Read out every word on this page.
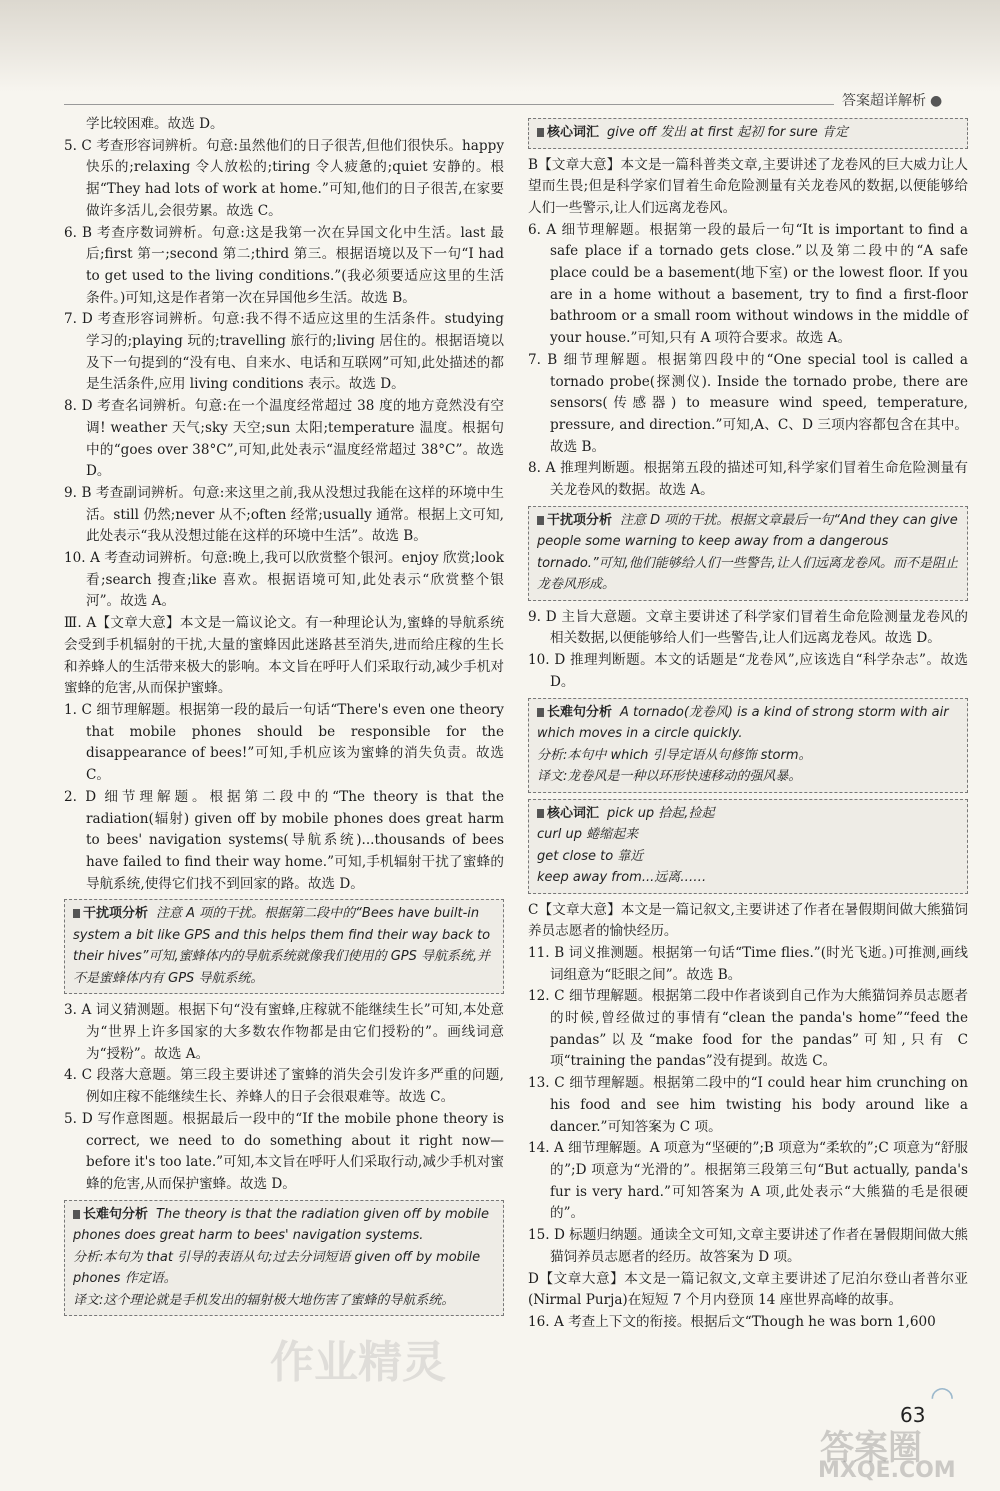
答案超详解析 ●
学比较困难。故选 D。
5. C 考查形容词辨析。句意:虽然他们的日子很苦,但他们很快乐。happy 快乐的;relaxing 令人放松的;tiring 令人疲惫的;quiet 安静的。根据“They had lots of work at home.”可知,他们的日子很苦,在家要做许多活儿,会很劳累。故选 C。
6. B 考查序数词辨析。句意:这是我第一次在异国文化中生活。last 最后;first 第一;second 第二;third 第三。根据语境以及下一句“I had to get used to the living conditions.”(我必须要适应这里的生活条件。)可知,这是作者第一次在异国他乡生活。故选 B。
7. D 考查形容词辨析。句意:我不得不适应这里的生活条件。studying 学习的;playing 玩的;travelling 旅行的;living 居住的。根据语境以及下一句提到的“没有电、自来水、电话和互联网”可知,此处描述的都是生活条件,应用 living conditions 表示。故选 D。
8. D 考查名词辨析。句意:在一个温度经常超过 38 度的地方竟然没有空调! weather 天气;sky 天空;sun 太阳;temperature 温度。根据句中的“goes over 38°C”,可知,此处表示“温度经常超过 38°C”。故选 D。
9. B 考查副词辨析。句意:来这里之前,我从没想过我能在这样的环境中生活。still 仍然;never 从不;often 经常;usually 通常。根据上文可知,此处表示“我从没想过能在这样的环境中生活”。故选 B。
10. A 考查动词辨析。句意:晚上,我可以欣赏整个银河。enjoy 欣赏;look 看;search 搜查;like 喜欢。根据语境可知,此处表示“欣赏整个银河”。故选 A。
Ⅲ. A【文章大意】本文是一篇议论文。有一种理论认为,蜜蜂的导航系统会受到手机辐射的干扰,大量的蜜蜂因此迷路甚至消失,进而给庄稼的生长和养蜂人的生活带来极大的影响。本文旨在呼吁人们采取行动,减少手机对蜜蜂的危害,从而保护蜜蜂。
1. C 细节理解题。根据第一段的最后一句话“There's even one theory that mobile phones should be responsible for the disappearance of bees!”可知,手机应该为蜜蜂的消失负责。故选 C。
2. D 细节理解题。根据第二段中的“The theory is that the radiation(辐射) given off by mobile phones does great harm to bees' navigation systems(导航系统)...thousands of bees have failed to find their way home.”可知,手机辐射干扰了蜜蜂的导航系统,使得它们找不到回家的路。故选 D。
干扰项分析 注意 A 项的干扰。根据第二段中的“Bees have built-in system a bit like GPS and this helps them find their way back to their hives”可知,蜜蜂体内的导航系统就像我们使用的 GPS 导航系统,并不是蜜蜂体内有 GPS 导航系统。
3. A 词义猜测题。根据下句“没有蜜蜂,庄稼就不能继续生长”可知,本处意为“世界上许多国家的大多数农作物都是由它们授粉的”。画线词意为“授粉”。故选 A。
4. C 段落大意题。第三段主要讲述了蜜蜂的消失会引发许多严重的问题,例如庄稼不能继续生长、养蜂人的日子会很艰难等。故选 C。
5. D 写作意图题。根据最后一段中的“If the mobile phone theory is correct, we need to do something about it right now—before it's too late.”可知,本文旨在呼吁人们采取行动,减少手机对蜜蜂的危害,从而保护蜜蜂。故选 D。
长难句分析 The theory is that the radiation given off by mobile phones does great harm to bees' navigation systems.
分析:本句为 that 引导的表语从句;过去分词短语 given off by mobile phones 作定语。
译文:这个理论就是手机发出的辐射极大地伤害了蜜蜂的导航系统。
核心词汇 give off 发出 at first 起初 for sure 肯定
B【文章大意】本文是一篇科普类文章,主要讲述了龙卷风的巨大威力让人望而生畏;但是科学家们冒着生命危险测量有关龙卷风的数据,以便能够给人们一些警示,让人们远离龙卷风。
6. A 细节理解题。根据第一段的最后一句“It is important to find a safe place if a tornado gets close.”以及第二段中的“A safe place could be a basement(地下室) or the lowest floor. If you are in a home without a basement, try to find a first-floor bathroom or a small room without windows in the middle of your house.”可知,只有 A 项符合要求。故选 A。
7. B 细节理解题。根据第四段中的“One special tool is called a tornado probe(探测仪). Inside the tornado probe, there are sensors(传感器) to measure wind speed, temperature, pressure, and direction.”可知,A、C、D 三项内容都包含在其中。故选 B。
8. A 推理判断题。根据第五段的描述可知,科学家们冒着生命危险测量有关龙卷风的数据。故选 A。
干扰项分析 注意 D 项的干扰。根据文章最后一句“And they can give people some warning to keep away from a dangerous tornado.”可知,他们能够给人们一些警告,让人们远离龙卷风。而不是阻止龙卷风形成。
9. D 主旨大意题。文章主要讲述了科学家们冒着生命危险测量龙卷风的相关数据,以便能够给人们一些警告,让人们远离龙卷风。故选 D。
10. D 推理判断题。本文的话题是“龙卷风”,应该选自“科学杂志”。故选 D。
长难句分析 A tornado(龙卷风) is a kind of strong storm with air which moves in a circle quickly.
分析:本句中 which 引导定语从句修饰 storm。
译文:龙卷风是一种以环形快速移动的强风暴。
核心词汇 pick up 拾起,捡起
curl up 蜷缩起来
get close to 靠近
keep away from...远离……
C【文章大意】本文是一篇记叙文,主要讲述了作者在暑假期间做大熊猫饲养员志愿者的愉快经历。
11. B 词义推测题。根据第一句话“Time flies.”(时光飞逝。)可推测,画线词组意为“眨眼之间”。故选 B。
12. C 细节理解题。根据第二段中作者谈到自己作为大熊猫饲养员志愿者的时候,曾经做过的事情有“clean the panda's home”“feed the pandas”以及“make food for the pandas”可知,只有 C 项“training the pandas”没有提到。故选 C。
13. C 细节理解题。根据第二段中的“I could hear him crunching on his food and see him twisting his body around like a dancer.”可知答案为 C 项。
14. A 细节理解题。A 项意为“坚硬的”;B 项意为“柔软的”;C 项意为“舒服的”;D 项意为“光滑的”。根据第三段第三句“But actually, panda's fur is very hard.”可知答案为 A 项,此处表示“大熊猫的毛是很硬的”。
15. D 标题归纳题。通读全文可知,文章主要讲述了作者在暑假期间做大熊猫饲养员志愿者的经历。故答案为 D 项。
D【文章大意】本文是一篇记叙文,文章主要讲述了尼泊尔登山者普尔亚(Nirmal Purja)在短短 7 个月内登顶 14 座世界高峰的故事。
16. A 考查上下文的衔接。根据后文“Though he was born 1,600
作业精灵
63
◠
答案圈
MXQE.COM
